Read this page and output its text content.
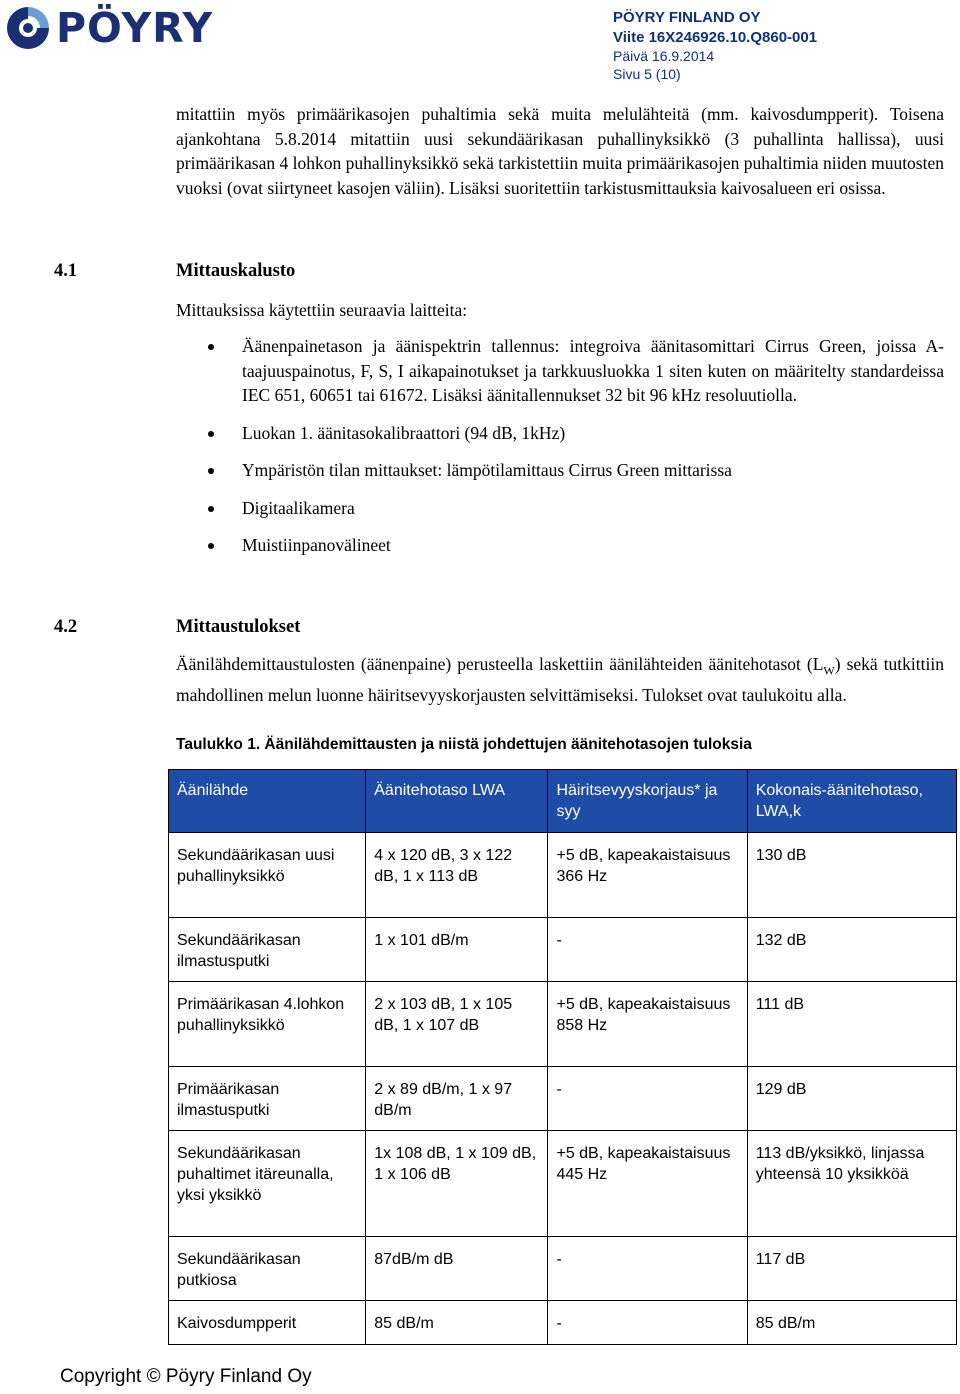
PÖYRY	PÖYRY FINLAND OY
Viite 16X246926.10.Q860-001
Päivä 16.9.2014
Sivu 5 (10)
mitattiin myös primäärikasojen puhaltimia sekä muita melulähteitä (mm. kaivosdumpperit). Toisena ajankohtana 5.8.2014 mitattiin uusi sekundäärikasan puhallinyksikkö (3 puhallinta hallissa), uusi primäärikasan 4 lohkon puhallinyksikkö sekä tarkistettiin muita primäärikasojen puhaltimia niiden muutosten vuoksi (ovat siirtyneet kasojen väliin). Lisäksi suoritettiin tarkistusmittauksia kaivosalueen eri osissa.
4.1	Mittauskalusto
Mittauksissa käytettiin seuraavia laitteita:
Äänenpainetason ja äänispektrin tallennus: integroiva äänitasomittari Cirrus Green, joissa A-taajuuspainotus, F, S, I aikapainotukset ja tarkkuusluokka 1 siten kuten on määritelty standardeissa IEC 651, 60651 tai 61672. Lisäksi äänitallennukset 32 bit 96 kHz resoluutiolla.
Luokan 1. äänitasokalibraattori (94 dB, 1kHz)
Ympäristön tilan mittaukset: lämpötilamittaus Cirrus Green mittarissa
Digitaalikamera
Muistiinpanovälineet
4.2	Mittaustulokset
Äänilähdemittaustulosten (äänenpaine) perusteella laskettiin äänilähteiden äänitehotasot $(L_W)$ sekä tutkittiin mahdollinen melun luonne häiritsevyyskorjausten selvittämiseksi. Tulokset ovat taulukoitu alla.
Taulukko 1. Äänilähdemittausten ja niistä johdettujen äänitehotasojen tuloksia
Äänilähde	Äänitehotaso LWA	Häiritsevyyskorjaus* ja syy	Kokonais-äänitehotaso, LWA,k
Sekundäärikasan uusi puhallinyksikkö	4 x 120 dB, 3 x 122 dB, 1 x 113 dB	+5 dB, kapeakaistaisuus 366 Hz	130 dB
Sekundäärikasan ilmastusputki	1 x 101 dB/m	-	132 dB
Primäärikasan 4.lohkon puhallinyksikkö	2 x 103 dB, 1 x 105 dB, 1 x 107 dB	+5 dB, kapeakaistaisuus 858 Hz	111 dB
Primäärikasan ilmastusputki	2 x 89 dB/m, 1 x 97 dB/m	-	129 dB
Sekundäärikasan puhaltimet itäreunalla, yksi yksikkö	1x 108 dB, 1 x 109 dB, 1 x 106 dB	+5 dB, kapeakaistaisuus 445 Hz	113 dB/yksikkö, linjassa yhteensä 10 yksikköä
Sekundäärikasan putkiosa	87dB/m dB	-	117 dB
Kaivosdumpperit	85 dB/m	-	85 dB/m
Copyright © Pöyry Finland Oy
